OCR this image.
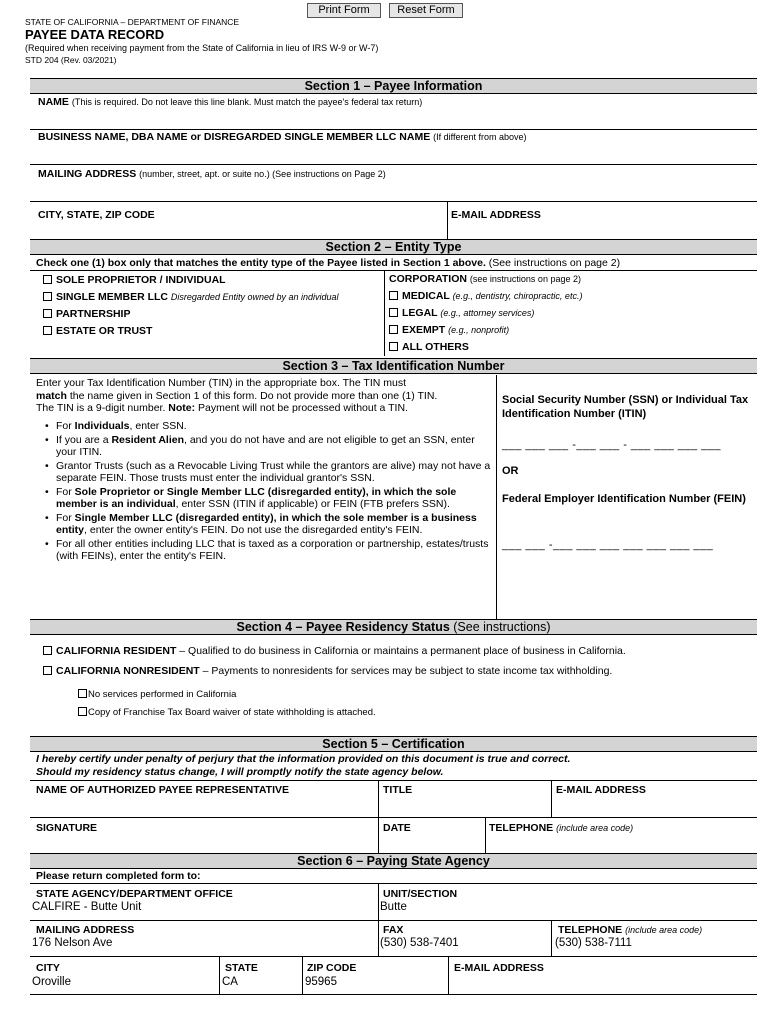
Print Form	Reset Form
STATE OF CALIFORNIA – DEPARTMENT OF FINANCE
PAYEE DATA RECORD
(Required when receiving payment from the State of California in lieu of IRS W-9 or W-7)
STD 204 (Rev. 03/2021)
Section 1 – Payee Information
NAME (This is required. Do not leave this line blank. Must match the payee's federal tax return)
BUSINESS NAME, DBA NAME or DISREGARDED SINGLE MEMBER LLC NAME (If different from above)
MAILING ADDRESS (number, street, apt. or suite no.) (See instructions on Page 2)
CITY, STATE, ZIP CODE	E-MAIL ADDRESS
Section 2 – Entity Type
Check one (1) box only that matches the entity type of the Payee listed in Section 1 above. (See instructions on page 2)
SOLE PROPRIETOR / INDIVIDUAL
SINGLE MEMBER LLC Disregarded Entity owned by an individual
PARTNERSHIP
ESTATE OR TRUST
CORPORATION (see instructions on page 2)
MEDICAL (e.g., dentistry, chiropractic, etc.)
LEGAL (e.g., attorney services)
EXEMPT (e.g., nonprofit)
ALL OTHERS
Section 3 – Tax Identification Number
Enter your Tax Identification Number (TIN) in the appropriate box. The TIN must
match the name given in Section 1 of this form. Do not provide more than one (1) TIN.
The TIN is a 9-digit number. Note: Payment will not be processed without a TIN.
• For Individuals, enter SSN.
• If you are a Resident Alien, and you do not have and are not eligible to get an SSN, enter your ITIN.
• Grantor Trusts (such as a Revocable Living Trust while the grantors are alive) may not have a separate FEIN. Those trusts must enter the individual grantor's SSN.
• For Sole Proprietor or Single Member LLC (disregarded entity), in which the sole member is an individual, enter SSN (ITIN if applicable) or FEIN (FTB prefers SSN).
• For Single Member LLC (disregarded entity), in which the sole member is a business entity, enter the owner entity's FEIN. Do not use the disregarded entity's FEIN.
• For all other entities including LLC that is taxed as a corporation or partnership, estates/trusts (with FEINs), enter the entity's FEIN.
Social Security Number (SSN) or Individual Tax Identification Number (ITIN)
___ ___ ___ -___ ___ - ___ ___ ___ ___
OR
Federal Employer Identification Number (FEIN)
___ ___ -___ ___ ___ ___ ___ ___ ___
Section 4 – Payee Residency Status (See instructions)
CALIFORNIA RESIDENT – Qualified to do business in California or maintains a permanent place of business in California.
CALIFORNIA NONRESIDENT – Payments to nonresidents for services may be subject to state income tax withholding.
No services performed in California
Copy of Franchise Tax Board waiver of state withholding is attached.
Section 5 – Certification
I hereby certify under penalty of perjury that the information provided on this document is true and correct.
Should my residency status change, I will promptly notify the state agency below.
NAME OF AUTHORIZED PAYEE REPRESENTATIVE	TITLE	E-MAIL ADDRESS
SIGNATURE	DATE	TELEPHONE (include area code)
Section 6 – Paying State Agency
Please return completed form to:
STATE AGENCY/DEPARTMENT OFFICE
CALFIRE - Butte Unit
UNIT/SECTION
Butte
MAILING ADDRESS
176 Nelson Ave
FAX
(530) 538-7401
TELEPHONE (include area code)
(530) 538-7111
CITY
Oroville
STATE
CA
ZIP CODE
95965
E-MAIL ADDRESS
